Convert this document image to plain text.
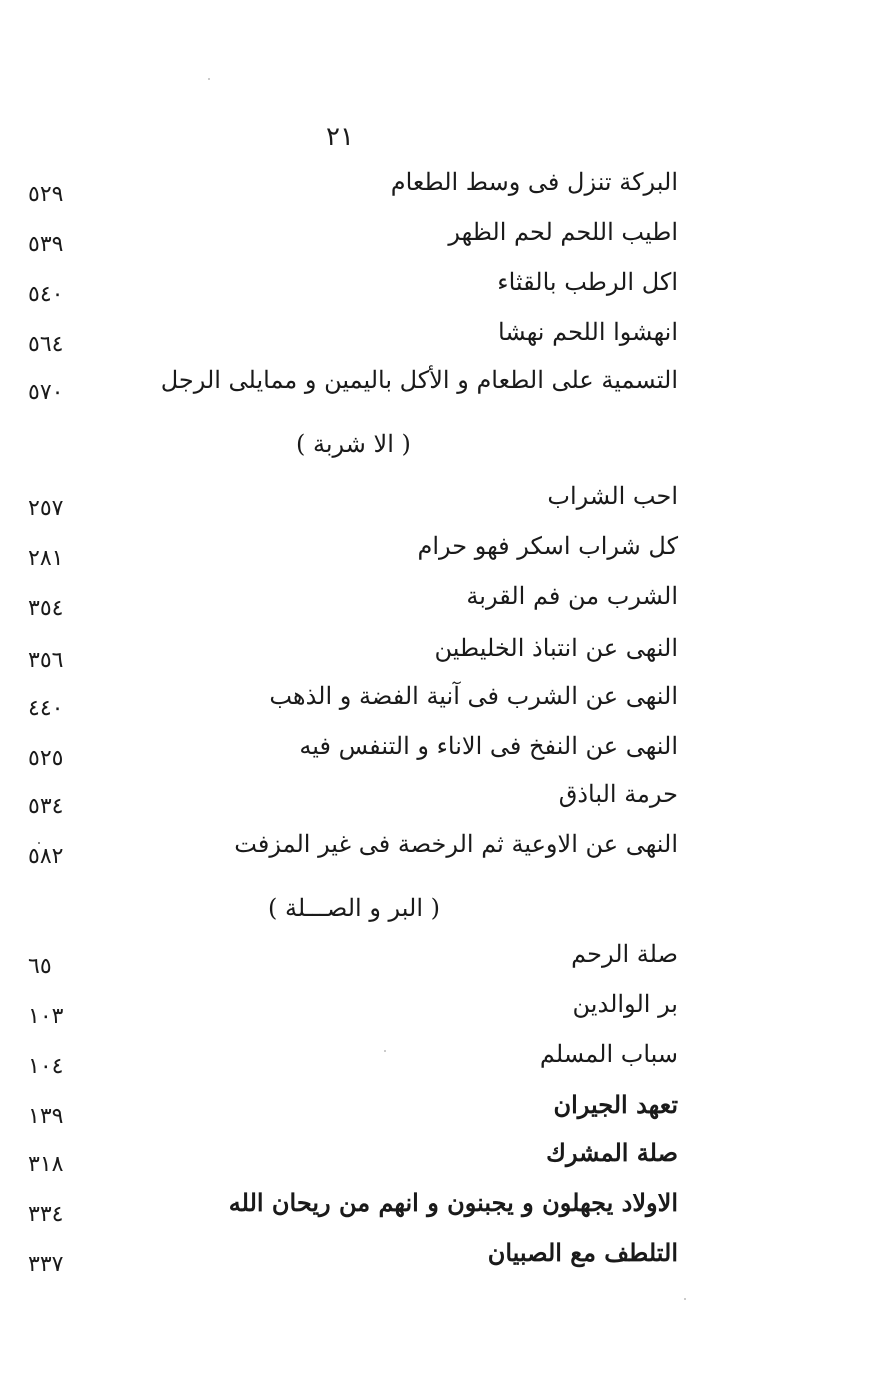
٢١
البركة تنزل فى وسط الطعام
٥٢٩
اطيب اللحم لحم الظهر
٥٣٩
اكل الرطب بالقثاء
٥٤٠
انهشوا اللحم نهشا
٥٦٤
التسمية على الطعام و الأكل باليمين و ممايلى الرجل
٥٧٠
( الا شربة )
احب الشراب
٢٥٧
كل شراب اسكر فهو حرام
٢٨١
الشرب من فم القربة
٣٥٤
النهى عن انتباذ الخليطين
٣٥٦
النهى عن الشرب فى آنية الفضة و الذهب
٤٤٠
النهى عن النفخ فى الاناء و التنفس فيه
٥٢٥
حرمة الباذق
٥٣٤
النهى عن الاوعية ثم الرخصة فى غير المزفت
٥٨٢
( البر و الصـــلة )
صلة الرحم
٦٥
بر الوالدين
١٠٣
سباب المسلم
١٠٤
تعهد الجيران
١٣٩
صلة المشرك
٣١٨
الاولاد يجهلون و يجبنون و انهم من ريحان الله
٣٣٤
التلطف مع الصبيان
٣٣٧
